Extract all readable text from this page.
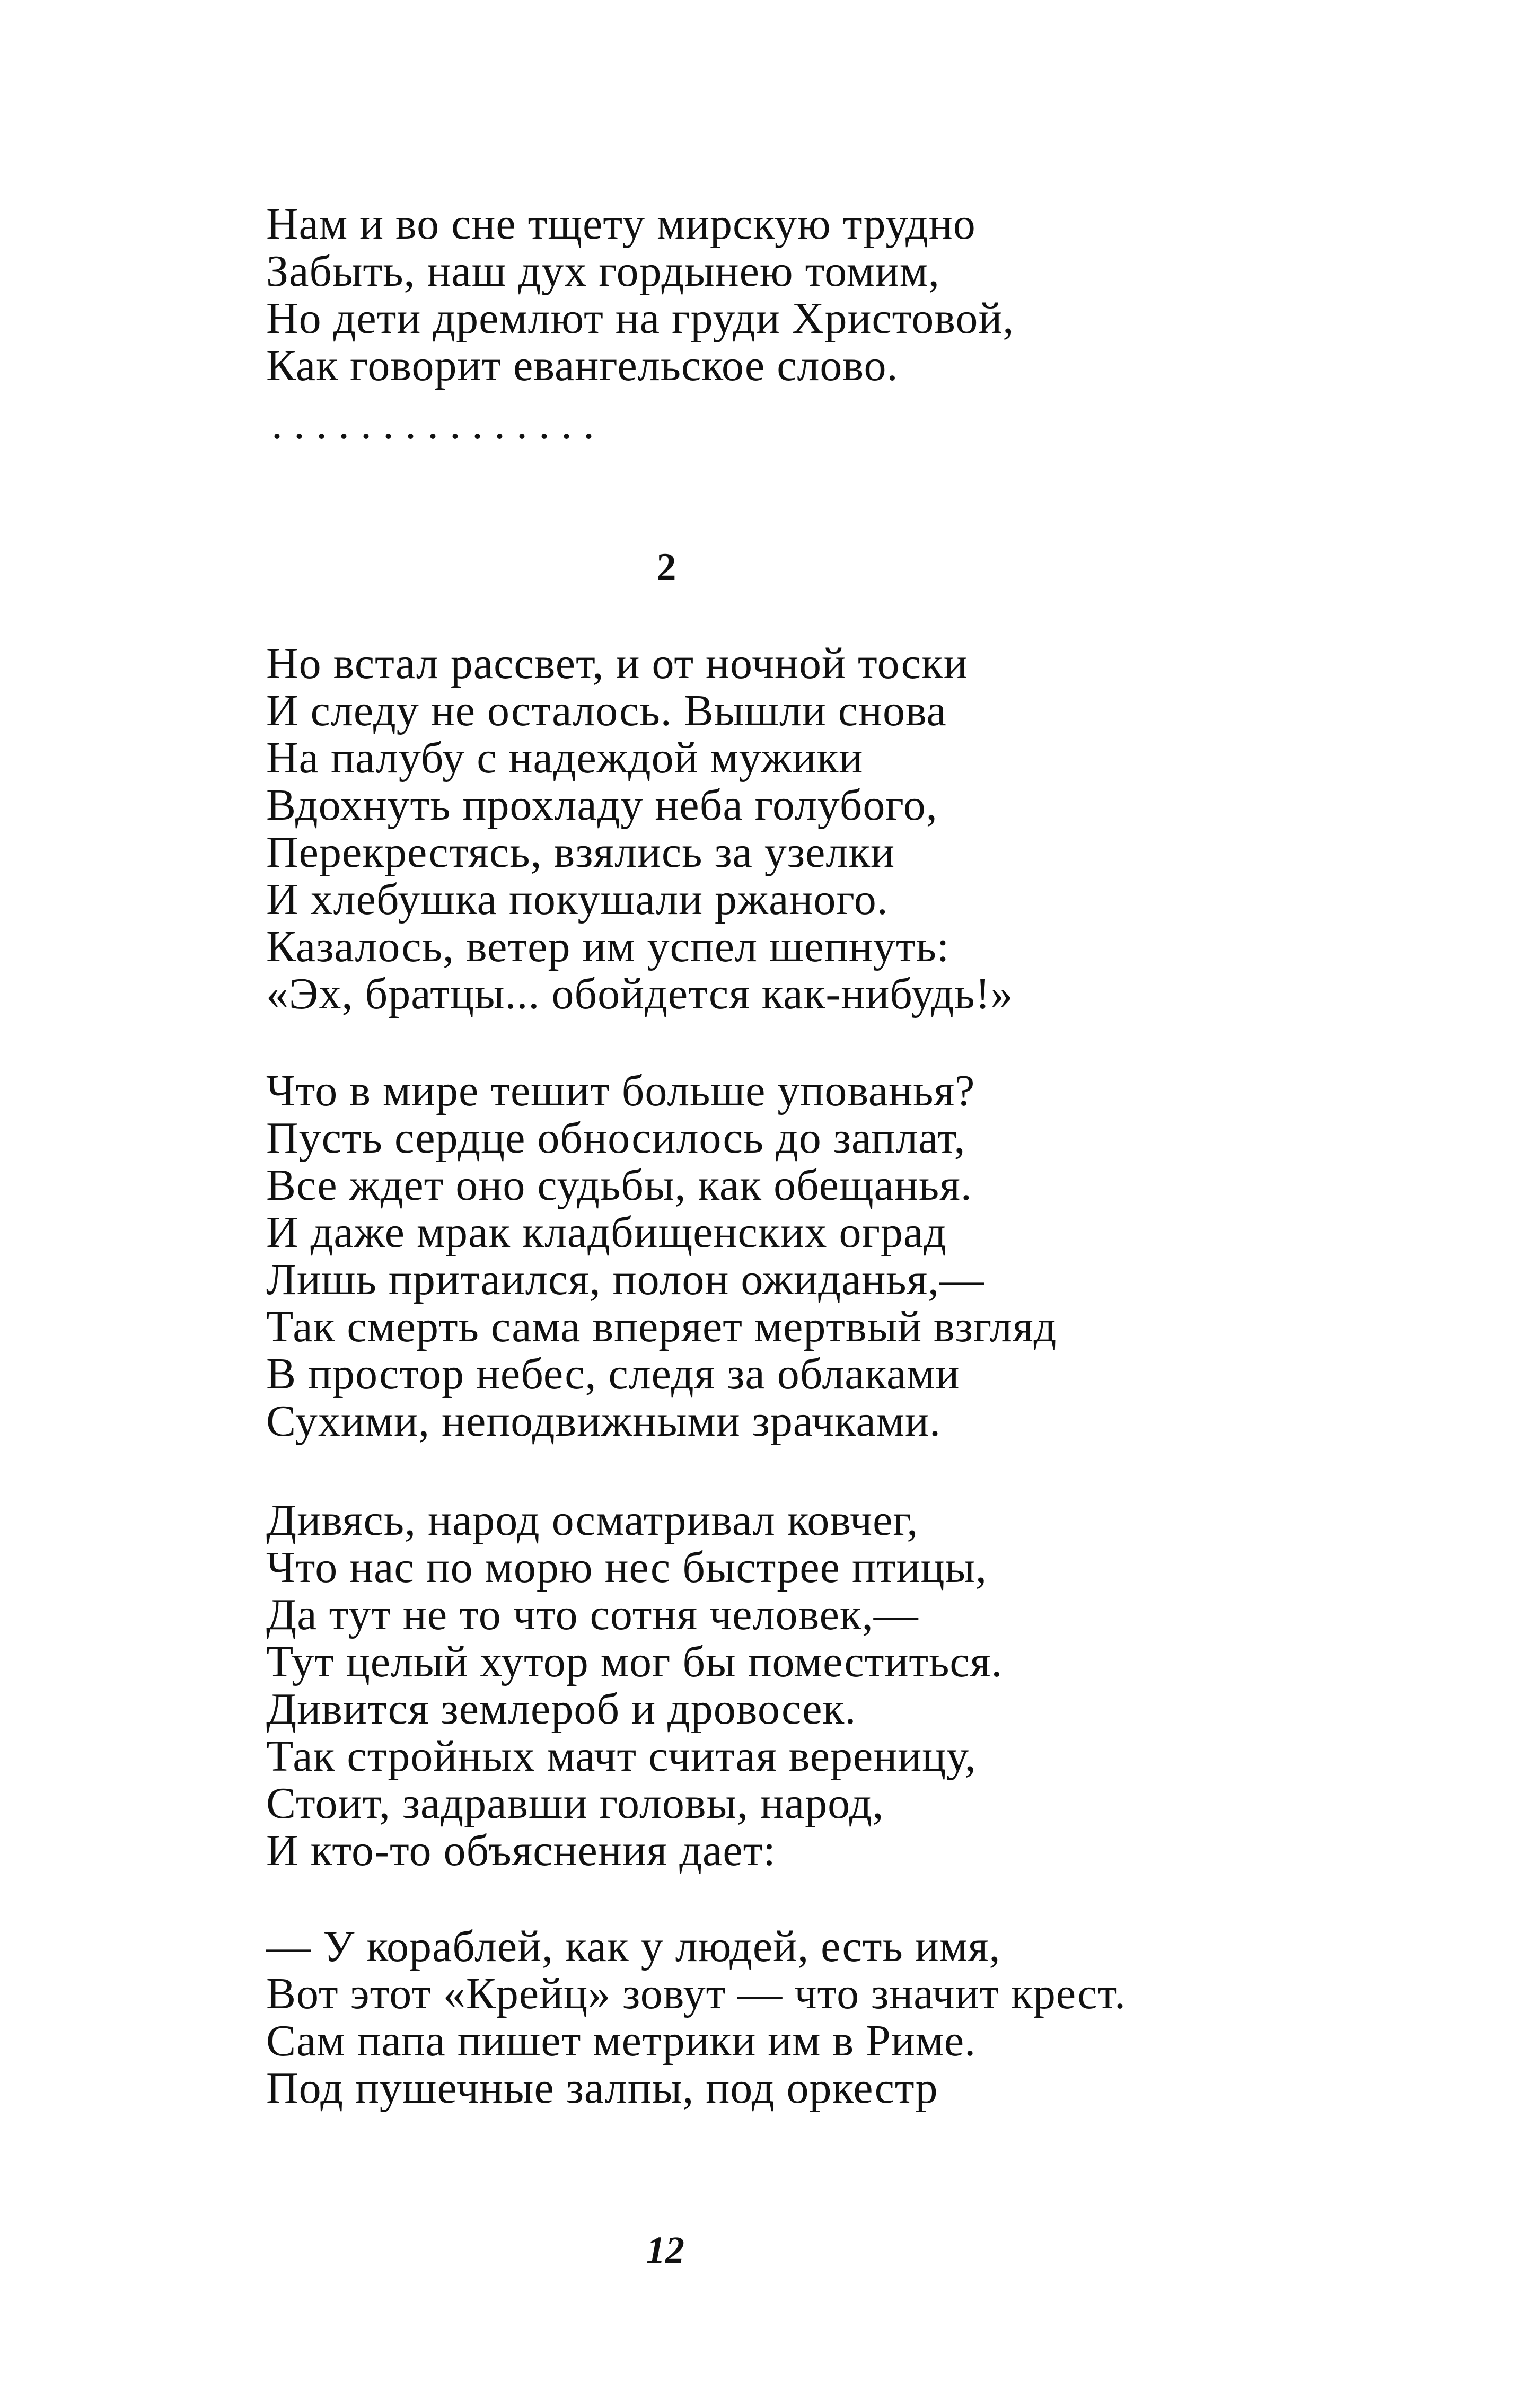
Нам и во сне тщету мирскую трудно
Забыть, наш дух гордынею томим,
Но дети дремлют на груди Христовой,
Как говорит евангельское слово.
. . . . . . . . . . . . . . .
2
Но встал рассвет, и от ночной тоски
И следу не осталось. Вышли снова
На палубу с надеждой мужики
Вдохнуть прохладу неба голубого,
Перекрестясь, взялись за узелки
И хлебушка покушали ржаного.
Казалось, ветер им успел шепнуть:
«Эх, братцы... обойдется как-нибудь!»
Что в мире тешит больше упованья?
Пусть сердце обносилось до заплат,
Все ждет оно судьбы, как обещанья.
И даже мрак кладбищенских оград
Лишь притаился, полон ожиданья,—
Так смерть сама вперяет мертвый взгляд
В простор небес, следя за облаками
Сухими, неподвижными зрачками.
Дивясь, народ осматривал ковчег,
Что нас по морю нес быстрее птицы,
Да тут не то что сотня человек,—
Тут целый хутор мог бы поместиться.
Дивится землероб и дровосек.
Так стройных мачт считая вереницу,
Стоит, задравши головы, народ,
И кто-то объяснения дает:
— У кораблей, как у людей, есть имя,
Вот этот «Крейц» зовут — что значит крест.
Сам папа пишет метрики им в Риме.
Под пушечные залпы, под оркестр
12
